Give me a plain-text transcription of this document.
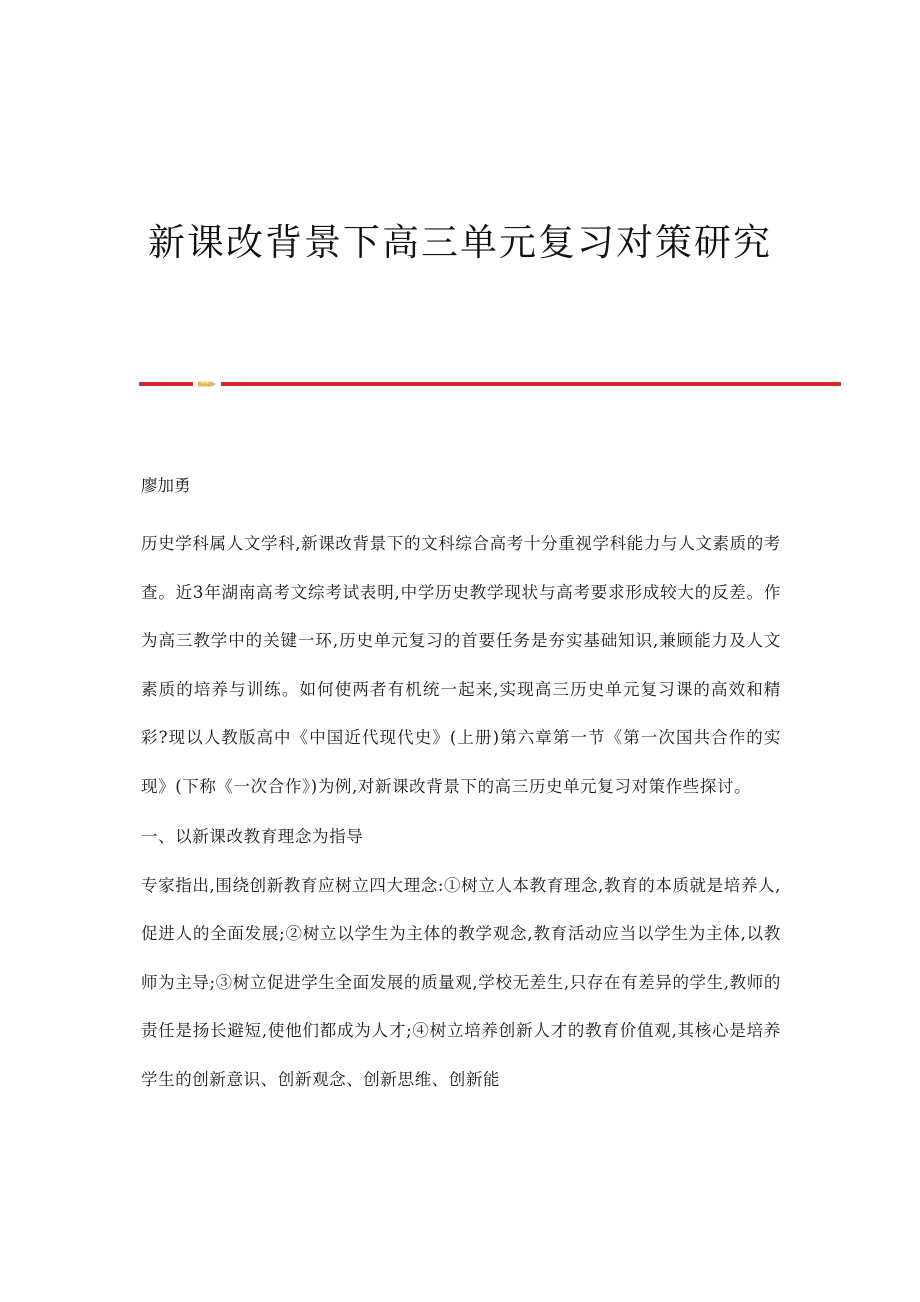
新课改背景下高三单元复习对策研究

廖加勇

历史学科属人文学科,新课改背景下的文科综合高考十分重视学科能力与人文素质的考查。近3年湖南高考文综考试表明,中学历史教学现状与高考要求形成较大的反差。作为高三教学中的关键一环,历史单元复习的首要任务是夯实基础知识,兼顾能力及人文素质的培养与训练。如何使两者有机统一起来,实现高三历史单元复习课的高效和精彩?现以人教版高中《中国近代现代史》(上册)第六章第一节《第一次国共合作的实现》(下称《一次合作》)为例,对新课改背景下的高三历史单元复习对策作些探讨。

一、以新课改教育理念为指导

专家指出,围绕创新教育应树立四大理念:①树立人本教育理念,教育的本质就是培养人,促进人的全面发展;②树立以学生为主体的教学观念,教育活动应当以学生为主体,以教师为主导;③树立促进学生全面发展的质量观,学校无差生,只存在有差异的学生,教师的责任是扬长避短,使他们都成为人才;④树立培养创新人才的教育价值观,其核心是培养学生的创新意识、创新观念、创新思维、创新能
